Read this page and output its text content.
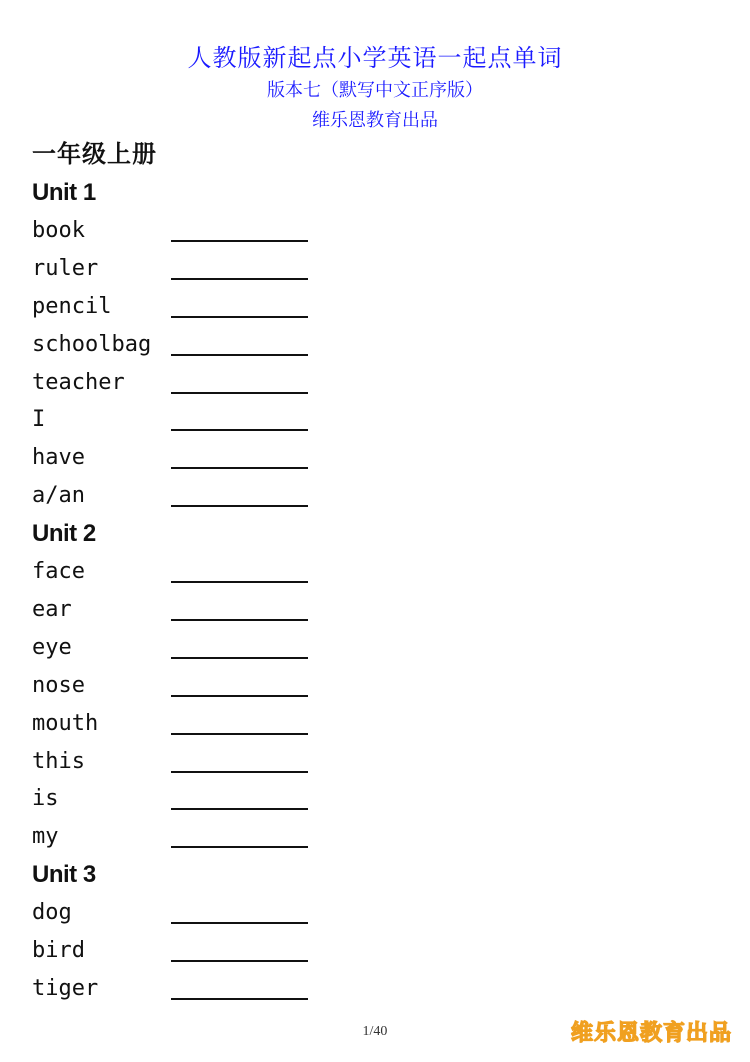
人教版新起点小学英语一起点单词
版本七（默写中文正序版）
维乐恩教育出品
一年级上册
Unit 1
book
ruler
pencil
schoolbag
teacher
I
have
a/an
Unit 2
face
ear
eye
nose
mouth
this
is
my
Unit 3
dog
bird
tiger
1/40	维乐恩教育出品
